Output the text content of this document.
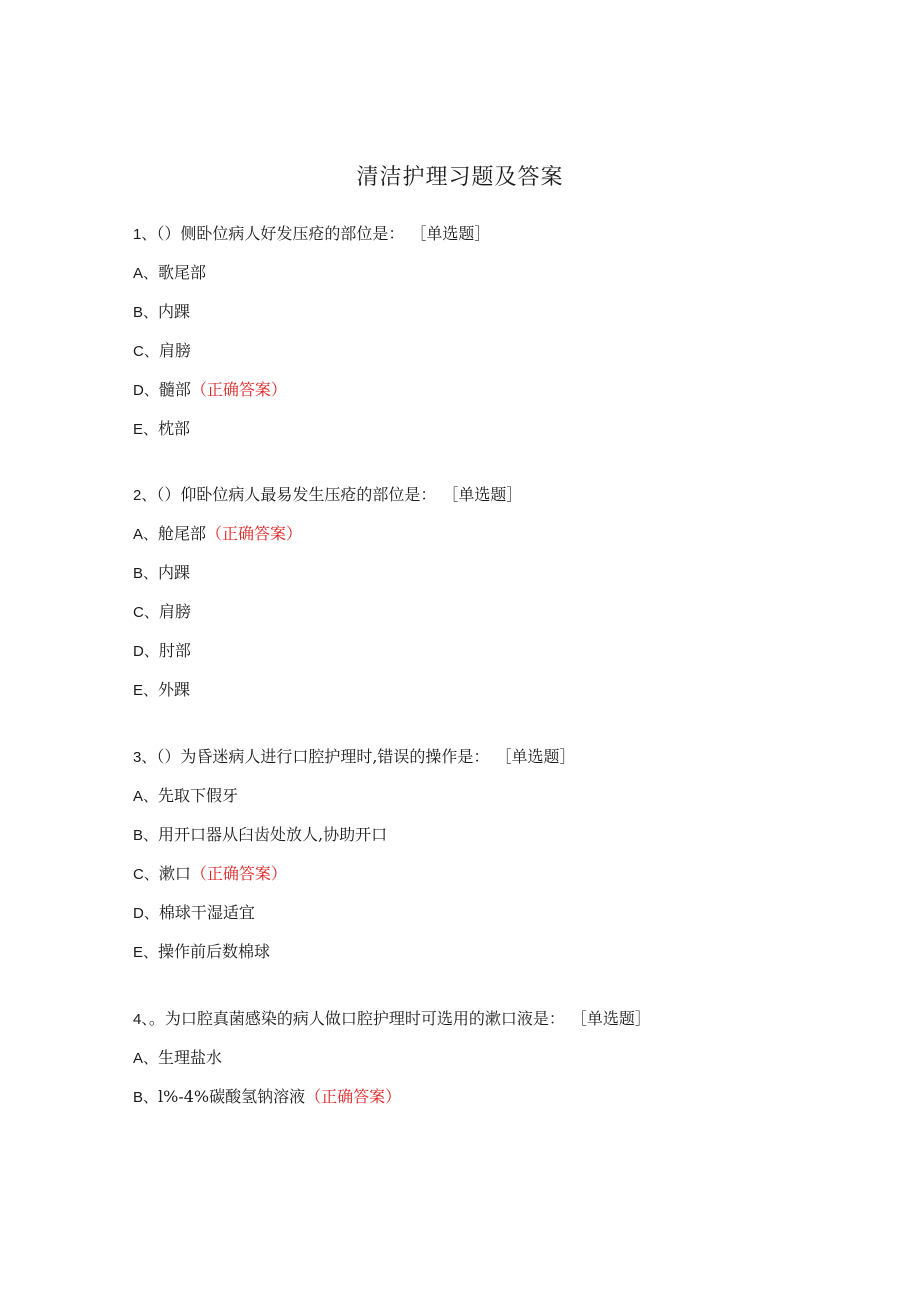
清洁护理习题及答案
1、（）侧卧位病人好发压疮的部位是： ［单选题］
A、歌尾部
B、内踝
C、肩膀
D、髓部（正确答案）
E、枕部
2、（）仰卧位病人最易发生压疮的部位是： ［单选题］
A、舱尾部（正确答案）
B、内踝
C、肩膀
D、肘部
E、外踝
3、（）为昏迷病人进行口腔护理时,错误的操作是： ［单选题］
A、先取下假牙
B、用开口器从臼齿处放人,协助开口
C、漱口（正确答案）
D、棉球干湿适宜
E、操作前后数棉球
4、。为口腔真菌感染的病人做口腔护理时可选用的漱口液是： ［单选题］
A、生理盐水
B、l%-4%碳酸氢钠溶液（正确答案）
